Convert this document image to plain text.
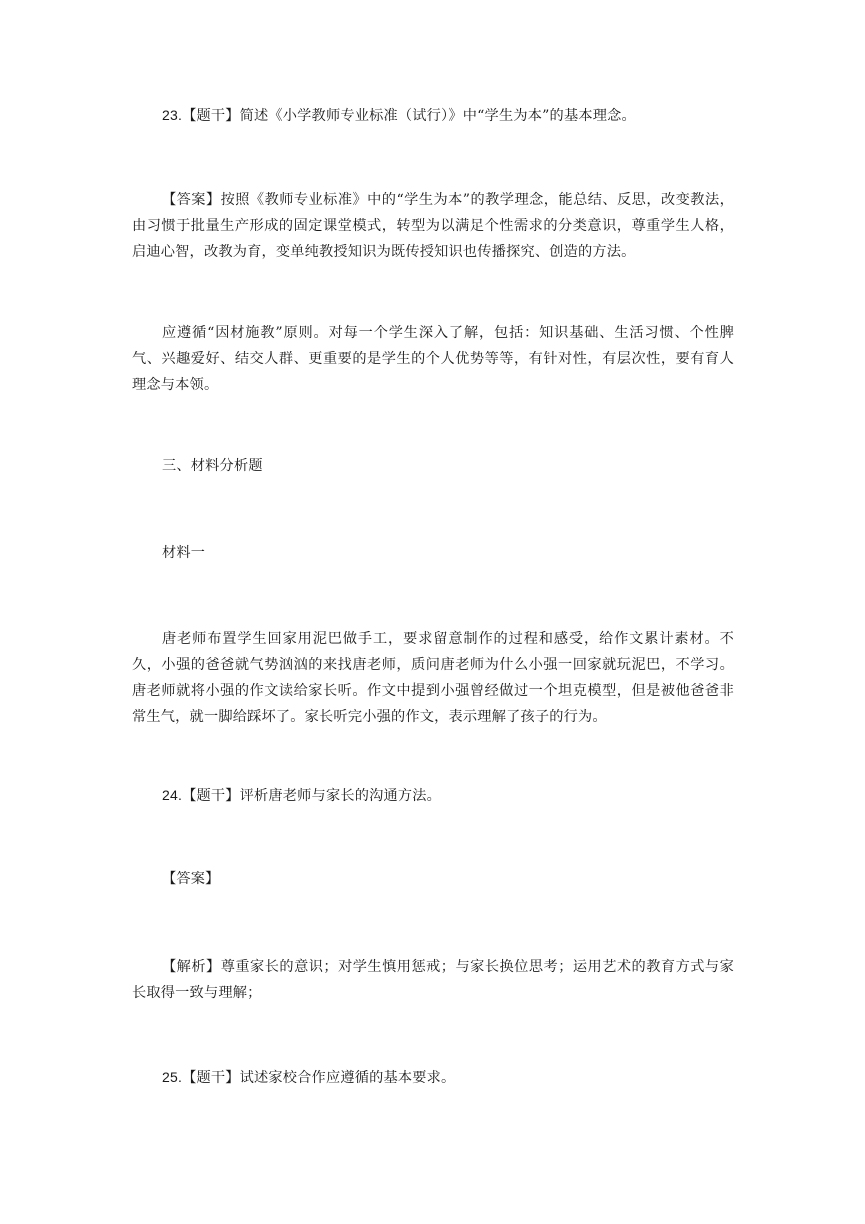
23.【题干】简述《小学教师专业标准（试行）》中“学生为本”的基本理念。

【答案】按照《教师专业标准》中的“学生为本”的教学理念，能总结、反思，改变教法，由习惯于批量生产形成的固定课堂模式，转型为以满足个性需求的分类意识，尊重学生人格，启迪心智，改教为育，变单纯教授知识为既传授知识也传播探究、创造的方法。

应遵循“因材施教”原则。对每一个学生深入了解，包括：知识基础、生活习惯、个性脾气、兴趣爱好、结交人群、更重要的是学生的个人优势等等，有针对性，有层次性，要有育人理念与本领。

三、材料分析题

材料一

唐老师布置学生回家用泥巴做手工，要求留意制作的过程和感受，给作文累计素材。不久，小强的爸爸就气势汹汹的来找唐老师，质问唐老师为什么小强一回家就玩泥巴，不学习。唐老师就将小强的作文读给家长听。作文中提到小强曾经做过一个坦克模型，但是被他爸爸非常生气，就一脚给踩坏了。家长听完小强的作文，表示理解了孩子的行为。

24.【题干】评析唐老师与家长的沟通方法。

【答案】

【解析】尊重家长的意识；对学生慎用惩戒；与家长换位思考；运用艺术的教育方式与家长取得一致与理解；

25.【题干】试述家校合作应遵循的基本要求。
